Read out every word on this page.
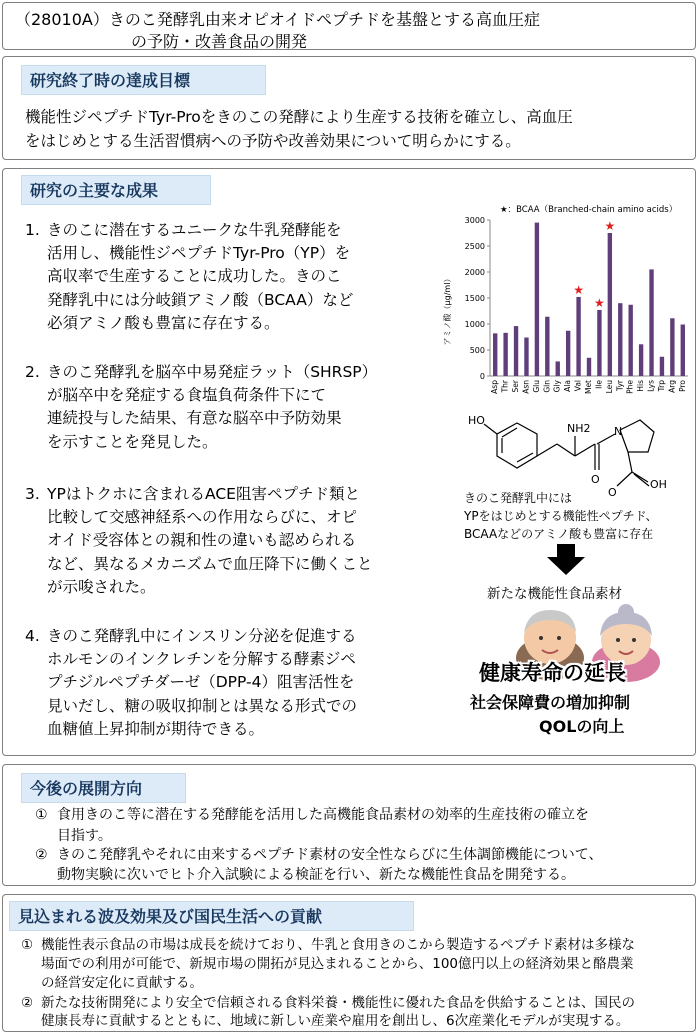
（28010A）きのこ発酵乳由来オピオイドペプチドを基盤とする高血圧症
の予防・改善食品の開発
研究終了時の達成目標
機能性ジペプチドTyr-Proをきのこの発酵により生産する技術を確立し、高血圧
をはじめとする生活習慣病への予防や改善効果について明らかにする。
研究の主要な成果
1. きのこに潜在するユニークな牛乳発酵能を
活用し、機能性ジペプチドTyr-Pro（YP）を
高収率で生産することに成功した。きのこ
発酵乳中には分岐鎖アミノ酸（BCAA）など
必須アミノ酸も豊富に存在する。
2. きのこ発酵乳を脳卒中易発症ラット（SHRSP）
が脳卒中を発症する食塩負荷条件下にて
連続投与した結果、有意な脳卒中予防効果
を示すことを発見した。
3. YPはトクホに含まれるACE阻害ペプチド類と
比較して交感神経系への作用ならびに、オピ
オイド受容体との親和性の違いも認められる
など、異なるメカニズムで血圧降下に働くこと
が示唆された。
4. きのこ発酵乳中にインスリン分泌を促進する
ホルモンのインクレチンを分解する酵素ジペ
プチジルペプチダーゼ（DPP-4）阻害活性を
見いだし、糖の吸収抑制とは異なる形式での
血糖値上昇抑制が期待できる。
★：BCAA（Branched-chain amino acids）
アミノ酸（μg/ml）
0
500
1000
1500
2000
2500
3000
Asp Thr Ser Asn Glu Gln Gly Ala Val
★
Met Ile
★
Leu
★
Tyr Phe His Lys Trp Arg Pro
HO
NH2 N
O
O
OH
きのこ発酵乳中には
YPをはじめとする機能性ペプチド、
BCAAなどのアミノ酸も豊富に存在
新たな機能性食品素材
健康寿命の延長
社会保障費の増加抑制
QOLの向上
今後の展開方向
① 食用きのこ等に潜在する発酵能を活用した高機能食品素材の効率的生産技術の確立を
目指す。
② きのこ発酵乳やそれに由来するペプチド素材の安全性ならびに生体調節機能について、
動物実験に次いでヒト介入試験による検証を行い、新たな機能性食品を開発する。
見込まれる波及効果及び国民生活への貢献
① 機能性表示食品の市場は成長を続けており、牛乳と食用きのこから製造するペプチド素材は多様な
場面での利用が可能で、新規市場の開拓が見込まれることから、100億円以上の経済効果と酪農業
の経営安定化に貢献する。
② 新たな技術開発により安全で信頼される食料栄養・機能性に優れた食品を供給することは、国民の
健康長寿に貢献するとともに、地域に新しい産業や雇用を創出し、6次産業化モデルが実現する。
